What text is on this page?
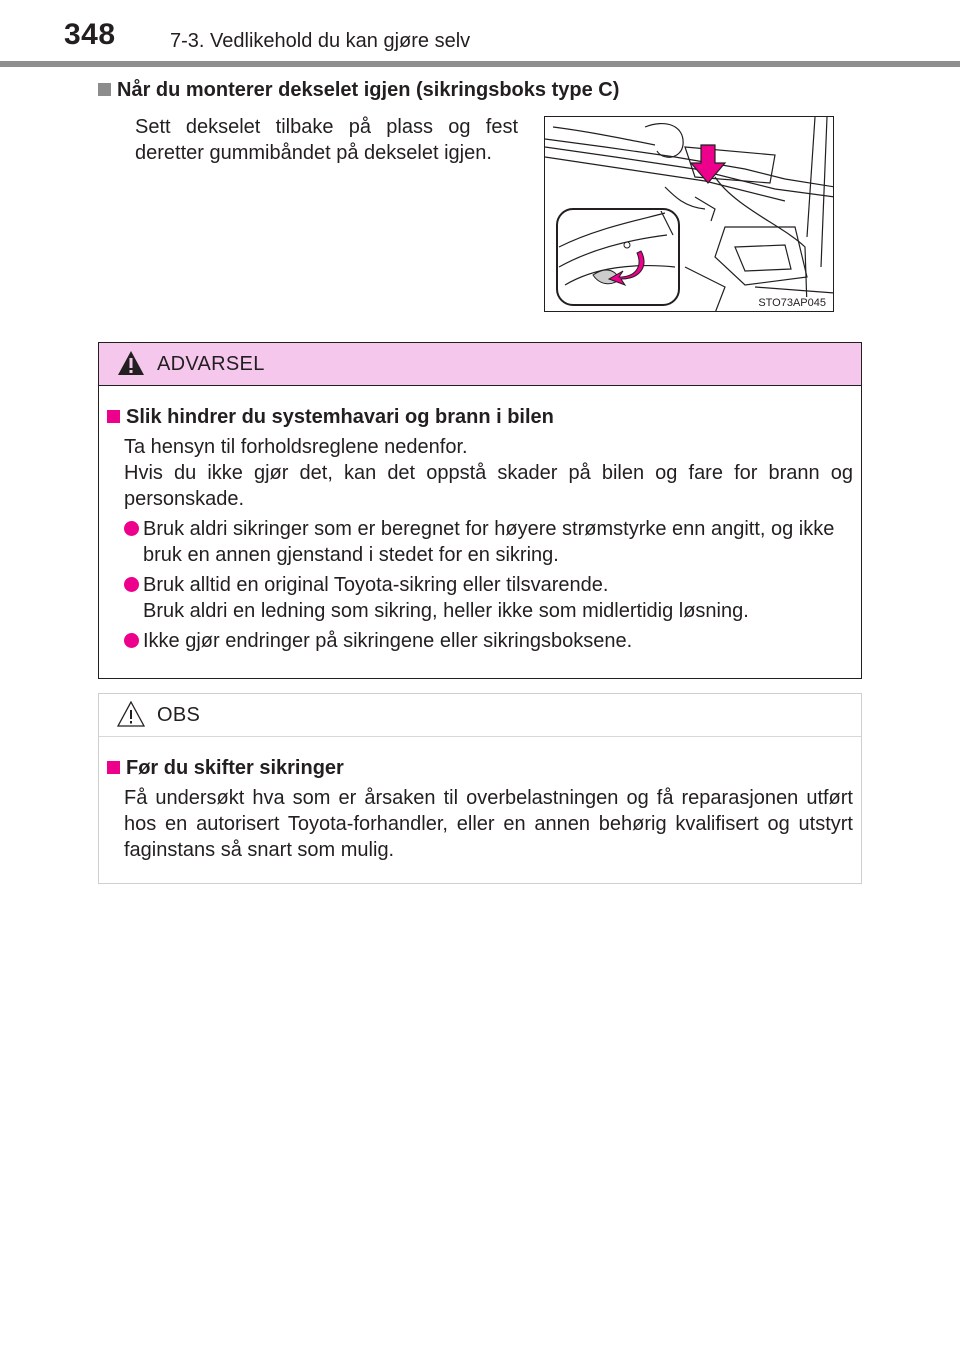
348	7-3. Vedlikehold du kan gjøre selv
Når du monterer dekselet igjen (sikringsboks type C)
Sett dekselet tilbake på plass og fest deretter gummibåndet på dekselet igjen.
STO73AP045
ADVARSEL
Slik hindrer du systemhavari og brann i bilen
Ta hensyn til forholdsreglene nedenfor.
Hvis du ikke gjør det, kan det oppstå skader på bilen og fare for brann og personskade.
Bruk aldri sikringer som er beregnet for høyere strømstyrke enn angitt, og ikke bruk en annen gjenstand i stedet for en sikring.
Bruk alltid en original Toyota-sikring eller tilsvarende.
Bruk aldri en ledning som sikring, heller ikke som midlertidig løsning.
Ikke gjør endringer på sikringene eller sikringsboksene.
OBS
Før du skifter sikringer
Få undersøkt hva som er årsaken til overbelastningen og få reparasjonen utført hos en autorisert Toyota-forhandler, eller en annen behørig kvalifisert og utstyrt faginstans så snart som mulig.
